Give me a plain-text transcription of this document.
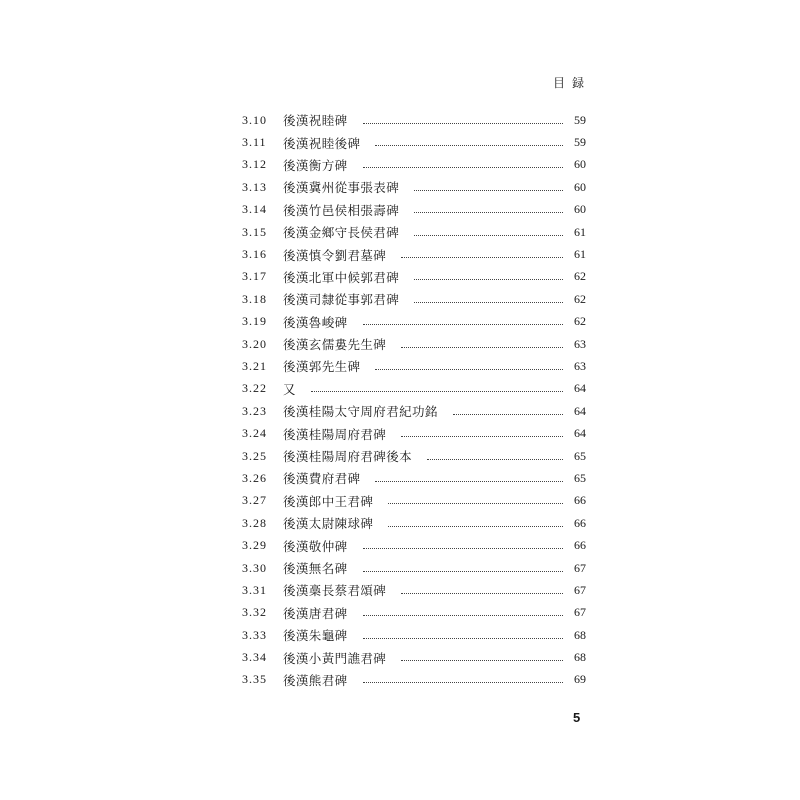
目 録
3.10	後漢祝睦碑	59
3.11	後漢祝睦後碑	59
3.12	後漢衡方碑	60
3.13	後漢冀州從事張表碑	60
3.14	後漢竹邑侯相張壽碑	60
3.15	後漢金鄉守長侯君碑	61
3.16	後漢慎令劉君墓碑	61
3.17	後漢北軍中候郭君碑	62
3.18	後漢司隸從事郭君碑	62
3.19	後漢魯峻碑	62
3.20	後漢玄儒婁先生碑	63
3.21	後漢郭先生碑	63
3.22	又	64
3.23	後漢桂陽太守周府君紀功銘	64
3.24	後漢桂陽周府君碑	64
3.25	後漢桂陽周府君碑後本	65
3.26	後漢費府君碑	65
3.27	後漢郎中王君碑	66
3.28	後漢太尉陳球碑	66
3.29	後漢敬仲碑	66
3.30	後漢無名碑	67
3.31	後漢槀長蔡君頌碑	67
3.32	後漢唐君碑	67
3.33	後漢朱龜碑	68
3.34	後漢小黃門譙君碑	68
3.35	後漢熊君碑	69
5
